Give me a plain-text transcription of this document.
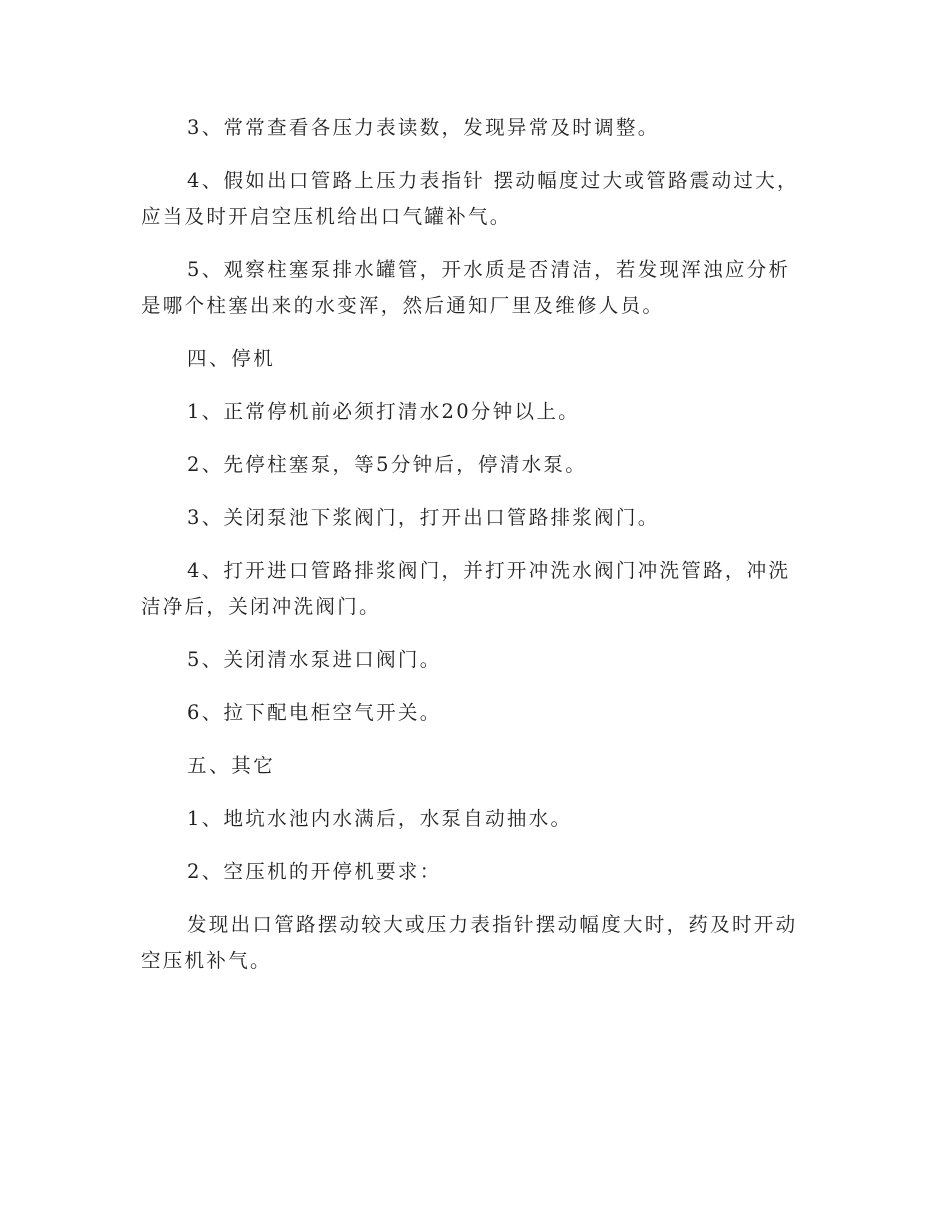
3、常常查看各压力表读数，发现异常及时调整。

4、假如出口管路上压力表指针 摆动幅度过大或管路震动过大，应当及时开启空压机给出口气罐补气。

5、观察柱塞泵排水罐管，开水质是否清洁，若发现浑浊应分析是哪个柱塞出来的水变浑，然后通知厂里及维修人员。

四、停机

1、正常停机前必须打清水20分钟以上。

2、先停柱塞泵，等5分钟后，停清水泵。

3、关闭泵池下浆阀门，打开出口管路排浆阀门。

4、打开进口管路排浆阀门，并打开冲洗水阀门冲洗管路，冲洗洁净后，关闭冲洗阀门。

5、关闭清水泵进口阀门。

6、拉下配电柜空气开关。

五、其它

1、地坑水池内水满后，水泵自动抽水。

2、空压机的开停机要求：

发现出口管路摆动较大或压力表指针摆动幅度大时，药及时开动空压机补气。
